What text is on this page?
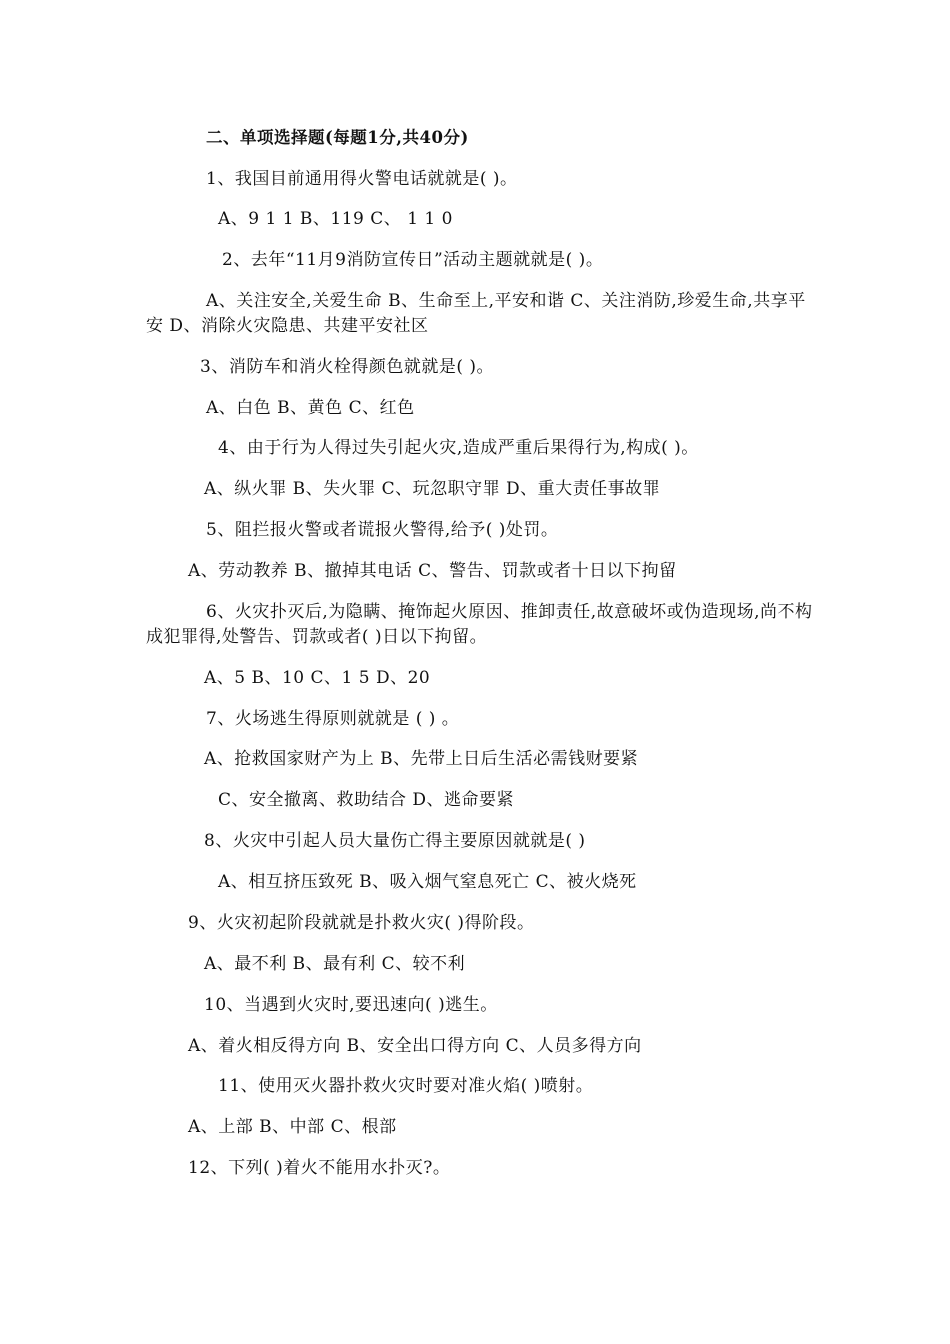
二、单项选择题(每题1分,共40分)
1、我国目前通用得火警电话就就是( )。
A、9 1 1 B、119 C、 1 1 0
2、去年“11月9消防宣传日”活动主题就就是( )。
A、关注安全,关爱生命 B、生命至上,平安和谐 C、关注消防,珍爱生命,共享平安 D、消除火灾隐患、共建平安社区
3、消防车和消火栓得颜色就就是( )。
A、白色 B、黄色 C、红色
4、由于行为人得过失引起火灾,造成严重后果得行为,构成( )。
A、纵火罪 B、失火罪 C、玩忽职守罪 D、重大责任事故罪
5、阻拦报火警或者谎报火警得,给予( )处罚。
A、劳动教养 B、撤掉其电话 C、警告、罚款或者十日以下拘留
6、火灾扑灭后,为隐瞒、掩饰起火原因、推卸责任,故意破坏或伪造现场,尚不构成犯罪得,处警告、罚款或者( )日以下拘留。
A、5 B、10 C、1 5 D、20
7、火场逃生得原则就就是 ( ) 。
A、抢救国家财产为上 B、先带上日后生活必需钱财要紧
C、安全撤离、救助结合 D、逃命要紧
8、火灾中引起人员大量伤亡得主要原因就就是( )
A、相互挤压致死 B、吸入烟气窒息死亡 C、被火烧死
9、火灾初起阶段就就是扑救火灾( )得阶段。
A、最不利 B、最有利 C、较不利
10、当遇到火灾时,要迅速向( )逃生。
A、着火相反得方向 B、安全出口得方向 C、人员多得方向
11、使用灭火器扑救火灾时要对准火焰( )喷射。
A、上部 B、中部 C、根部
12、下列( )着火不能用水扑灭?。
